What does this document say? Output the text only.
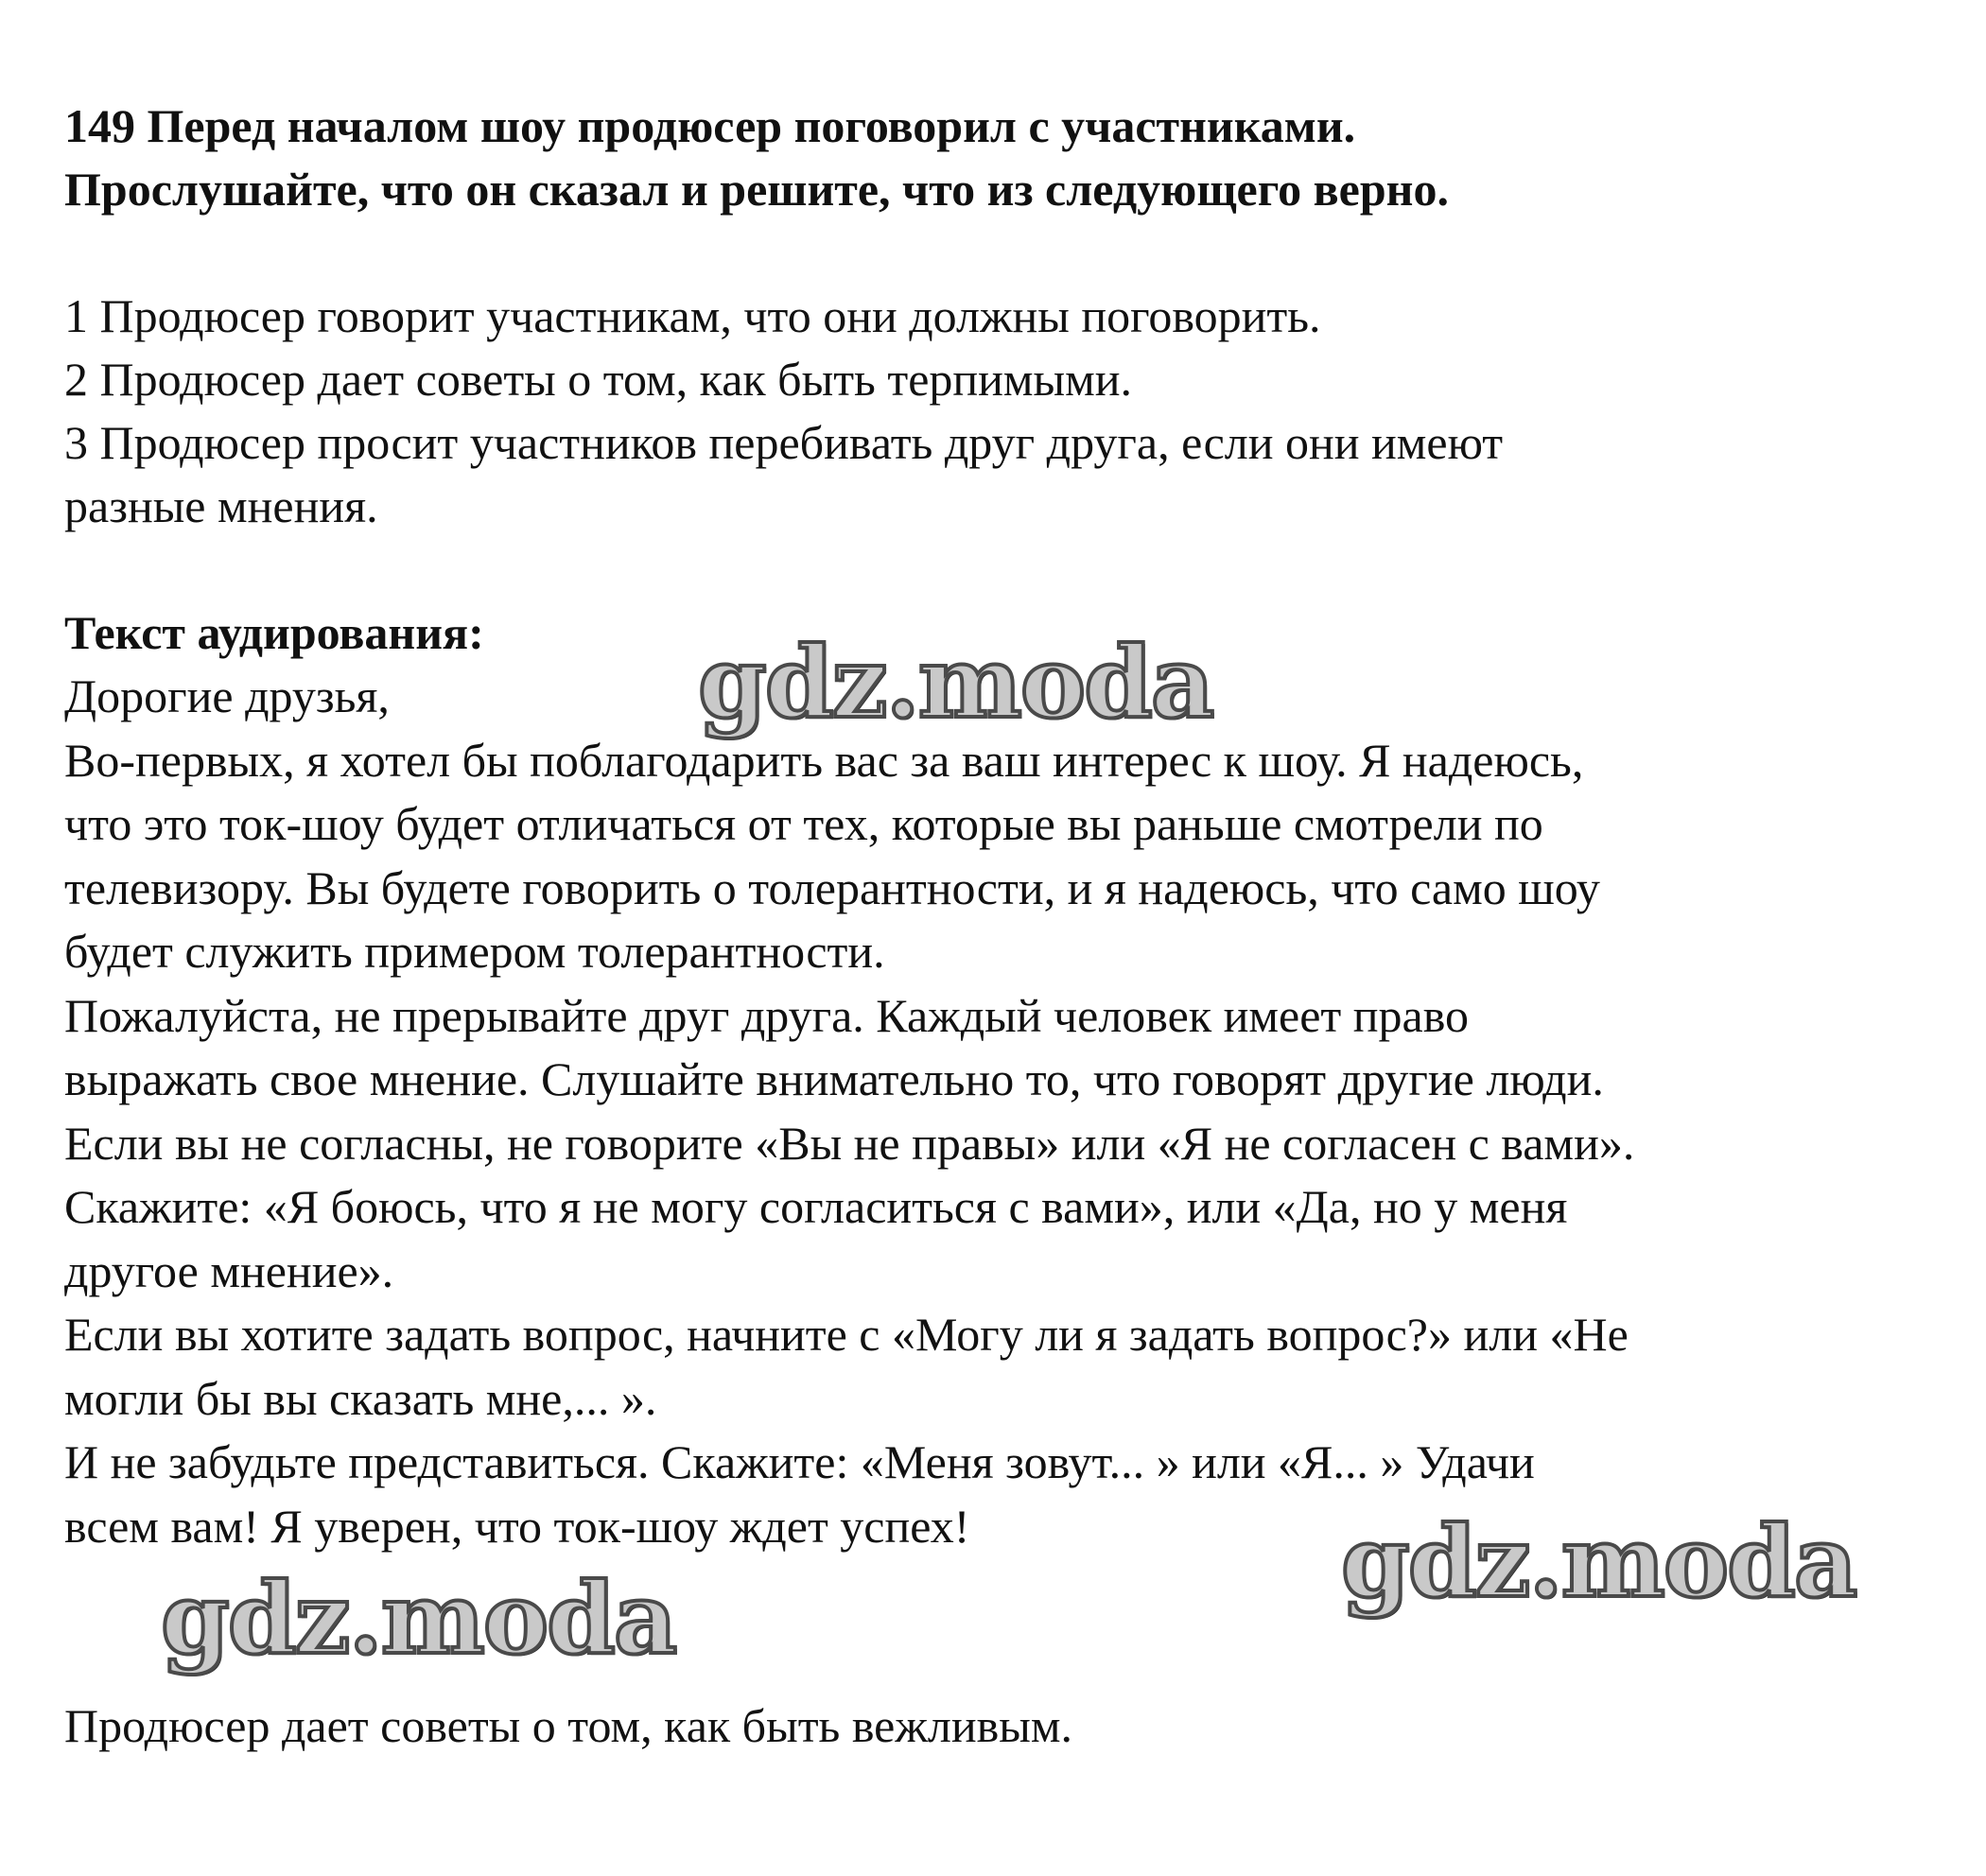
149 Перед началом шоу продюсер поговорил с участниками.
Прослушайте, что он сказал и решите, что из следующего верно.
1 Продюсер говорит участникам, что они должны поговорить.
2 Продюсер дает советы о том, как быть терпимыми.
3 Продюсер просит участников перебивать друг друга, если они имеют
разные мнения.
Текст аудирования:
Дорогие друзья,
Во-первых, я хотел бы поблагодарить вас за ваш интерес к шоу. Я надеюсь,
что это ток-шоу будет отличаться от тех, которые вы раньше смотрели по
телевизору. Вы будете говорить о толерантности, и я надеюсь, что само шоу
будет служить примером толерантности.
Пожалуйста, не прерывайте друг друга. Каждый человек имеет право
выражать свое мнение. Слушайте внимательно то, что говорят другие люди.
Если вы не согласны, не говорите «Вы не правы» или «Я не согласен с вами».
Скажите: «Я боюсь, что я не могу согласиться с вами», или «Да, но у меня
другое мнение».
Если вы хотите задать вопрос, начните с «Могу ли я задать вопрос?» или «Не
могли бы вы сказать мне,... ».
И не забудьте представиться. Скажите: «Меня зовут... » или «Я... » Удачи
всем вам! Я уверен, что ток-шоу ждет успех!
Продюсер дает советы о том, как быть вежливым.
gdz.moda
gdz.moda
gdz.moda
